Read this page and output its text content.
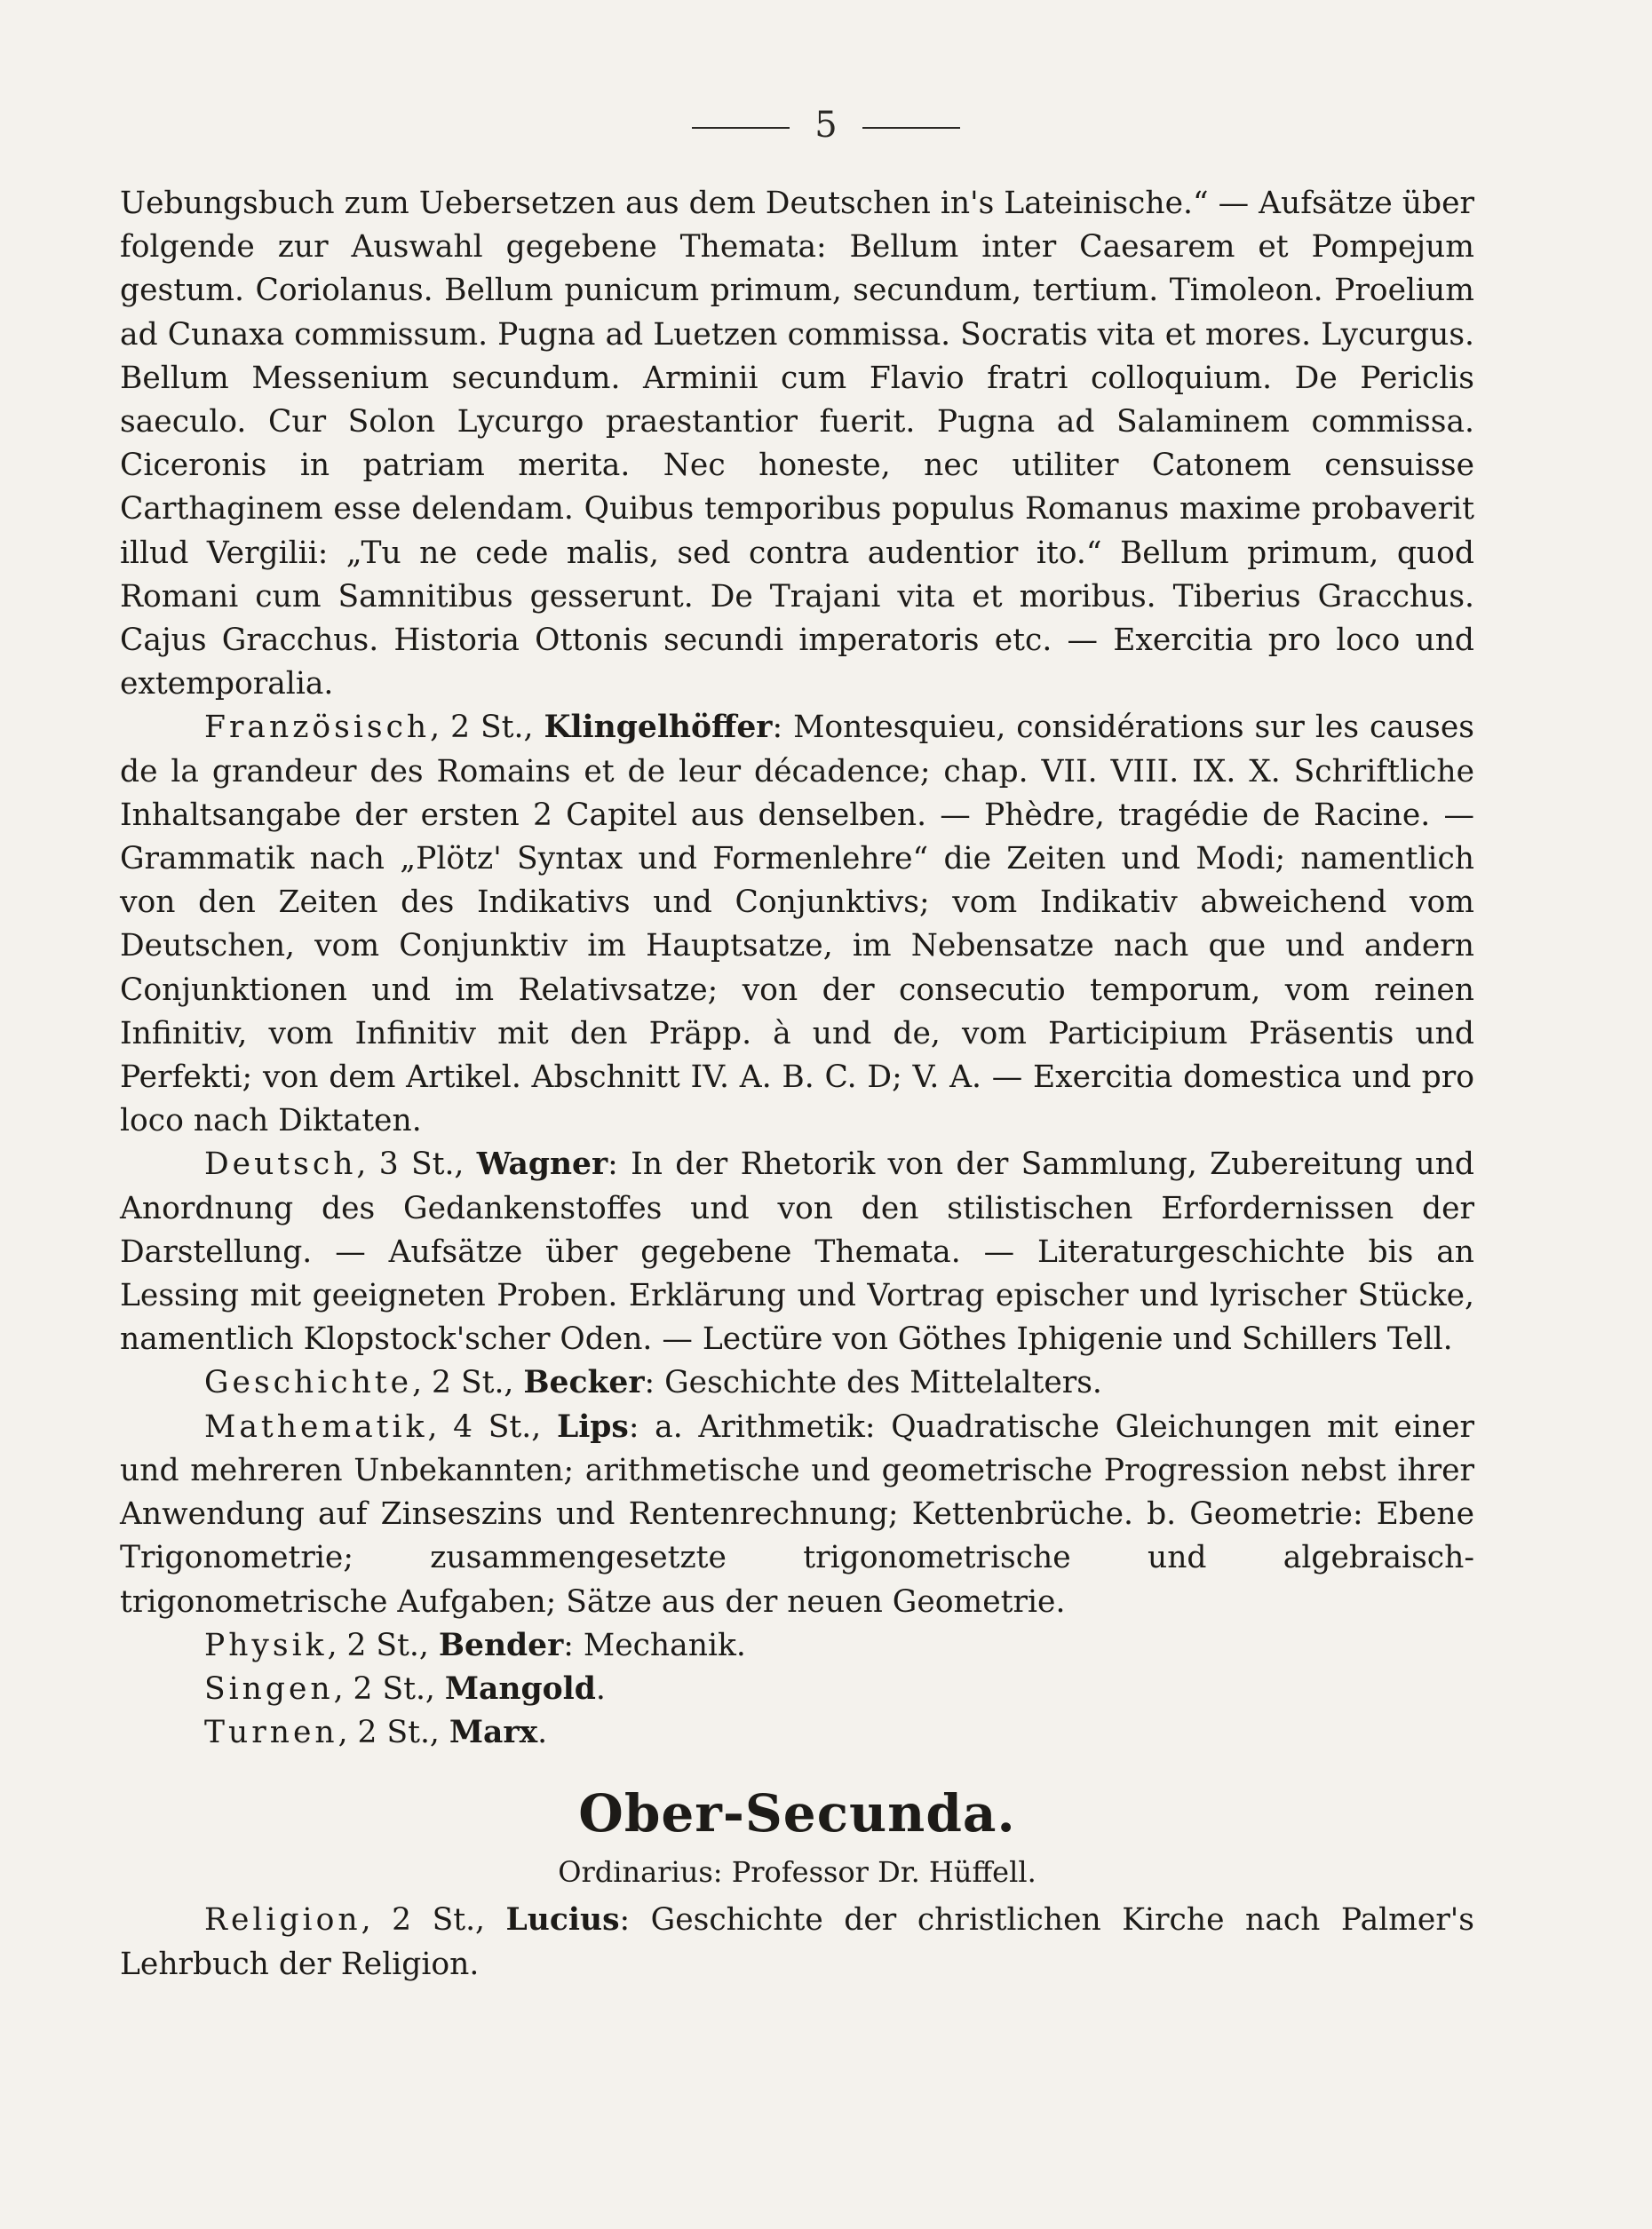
5

Uebungsbuch zum Uebersetzen aus dem Deutschen in's Lateinische.“ — Aufsätze über folgende zur Auswahl gegebene Themata: Bellum inter Caesarem et Pompejum gestum. Coriolanus. Bellum punicum primum, secundum, tertium. Timoleon. Proelium ad Cunaxa commissum. Pugna ad Luetzen commissa. Socratis vita et mores. Lycurgus. Bellum Messenium secundum. Arminii cum Flavio fratri colloquium. De Periclis saeculo. Cur Solon Lycurgo praestantior fuerit. Pugna ad Salaminem commissa. Ciceronis in patriam merita. Nec honeste, nec utiliter Catonem censuisse Carthaginem esse delendam. Quibus temporibus populus Romanus maxime probaverit illud Vergilii: „Tu ne cede malis, sed contra audentior ito.“ Bellum primum, quod Romani cum Samnitibus gesserunt. De Trajani vita et moribus. Tiberius Gracchus. Cajus Gracchus. Historia Ottonis secundi imperatoris etc. — Exercitia pro loco und extemporalia.

Französisch, 2 St., Klingelhöffer: Montesquieu, considérations sur les causes de la grandeur des Romains et de leur décadence; chap. VII. VIII. IX. X. Schriftliche Inhaltsangabe der ersten 2 Capitel aus denselben. — Phèdre, tragédie de Racine. — Grammatik nach „Plötz' Syntax und Formenlehre“ die Zeiten und Modi; namentlich von den Zeiten des Indikativs und Conjunktivs; vom Indikativ abweichend vom Deutschen, vom Conjunktiv im Hauptsatze, im Nebensatze nach que und andern Conjunktionen und im Relativsatze; von der consecutio temporum, vom reinen Infinitiv, vom Infinitiv mit den Präpp. à und de, vom Participium Präsentis und Perfekti; von dem Artikel. Abschnitt IV. A. B. C. D; V. A. — Exercitia domestica und pro loco nach Diktaten.

Deutsch, 3 St., Wagner: In der Rhetorik von der Sammlung, Zubereitung und Anordnung des Gedankenstoffes und von den stilistischen Erfordernissen der Darstellung. — Aufsätze über gegebene Themata. — Literaturgeschichte bis an Lessing mit geeigneten Proben. Erklärung und Vortrag epischer und lyrischer Stücke, namentlich Klopstock'scher Oden. — Lectüre von Göthes Iphigenie und Schillers Tell.

Geschichte, 2 St., Becker: Geschichte des Mittelalters.

Mathematik, 4 St., Lips: a. Arithmetik: Quadratische Gleichungen mit einer und mehreren Unbekannten; arithmetische und geometrische Progression nebst ihrer Anwendung auf Zinseszins und Rentenrechnung; Kettenbrüche. b. Geometrie: Ebene Trigonometrie; zusammengesetzte trigonometrische und algebraisch-trigonometrische Aufgaben; Sätze aus der neuen Geometrie.

Physik, 2 St., Bender: Mechanik.

Singen, 2 St., Mangold.

Turnen, 2 St., Marx.

Ober-Secunda.
Ordinarius: Professor Dr. Hüffell.

Religion, 2 St., Lucius: Geschichte der christlichen Kirche nach Palmer's Lehrbuch der Religion.
